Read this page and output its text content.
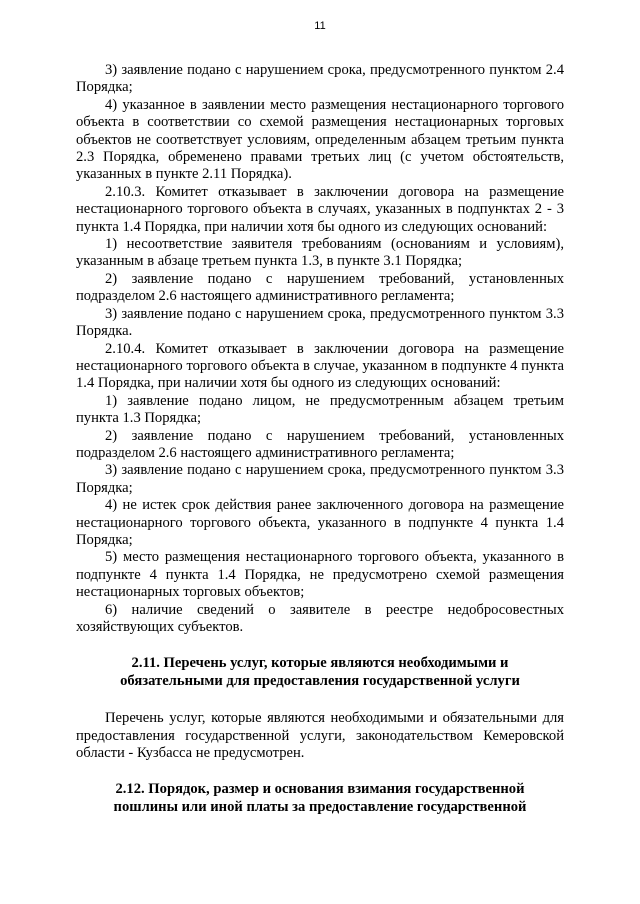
11

3) заявление подано с нарушением срока, предусмотренного пунктом 2.4 Порядка;

4) указанное в заявлении место размещения нестационарного торгового объекта в соответствии со схемой размещения нестационарных торговых объектов не соответствует условиям, определенным абзацем третьим пункта 2.3 Порядка, обременено правами третьих лиц (с учетом обстоятельств, указанных в пункте 2.11 Порядка).

2.10.3. Комитет отказывает в заключении договора на размещение нестационарного торгового объекта в случаях, указанных в подпунктах 2 - 3 пункта 1.4 Порядка, при наличии хотя бы одного из следующих оснований:

1) несоответствие заявителя требованиям (основаниям и условиям), указанным в абзаце третьем пункта 1.3, в пункте 3.1 Порядка;

2) заявление подано с нарушением требований, установленных подразделом 2.6 настоящего административного регламента;

3) заявление подано с нарушением срока, предусмотренного пунктом 3.3 Порядка.

2.10.4. Комитет отказывает в заключении договора на размещение нестационарного торгового объекта в случае, указанном в подпункте 4 пункта 1.4 Порядка, при наличии хотя бы одного из следующих оснований:

1) заявление подано лицом, не предусмотренным абзацем третьим пункта 1.3 Порядка;

2) заявление подано с нарушением требований, установленных подразделом 2.6 настоящего административного регламента;

3) заявление подано с нарушением срока, предусмотренного пунктом 3.3 Порядка;

4) не истек срок действия ранее заключенного договора на размещение нестационарного торгового объекта, указанного в подпункте 4 пункта 1.4 Порядка;

5) место размещения нестационарного торгового объекта, указанного в подпункте 4 пункта 1.4 Порядка, не предусмотрено схемой размещения нестационарных торговых объектов;

6) наличие сведений о заявителе в реестре недобросовестных хозяйствующих субъектов.

2.11. Перечень услуг, которые являются необходимыми и обязательными для предоставления государственной услуги

Перечень услуг, которые являются необходимыми и обязательными для предоставления государственной услуги, законодательством Кемеровской области - Кузбасса не предусмотрен.

2.12. Порядок, размер и основания взимания государственной пошлины или иной платы за предоставление государственной
